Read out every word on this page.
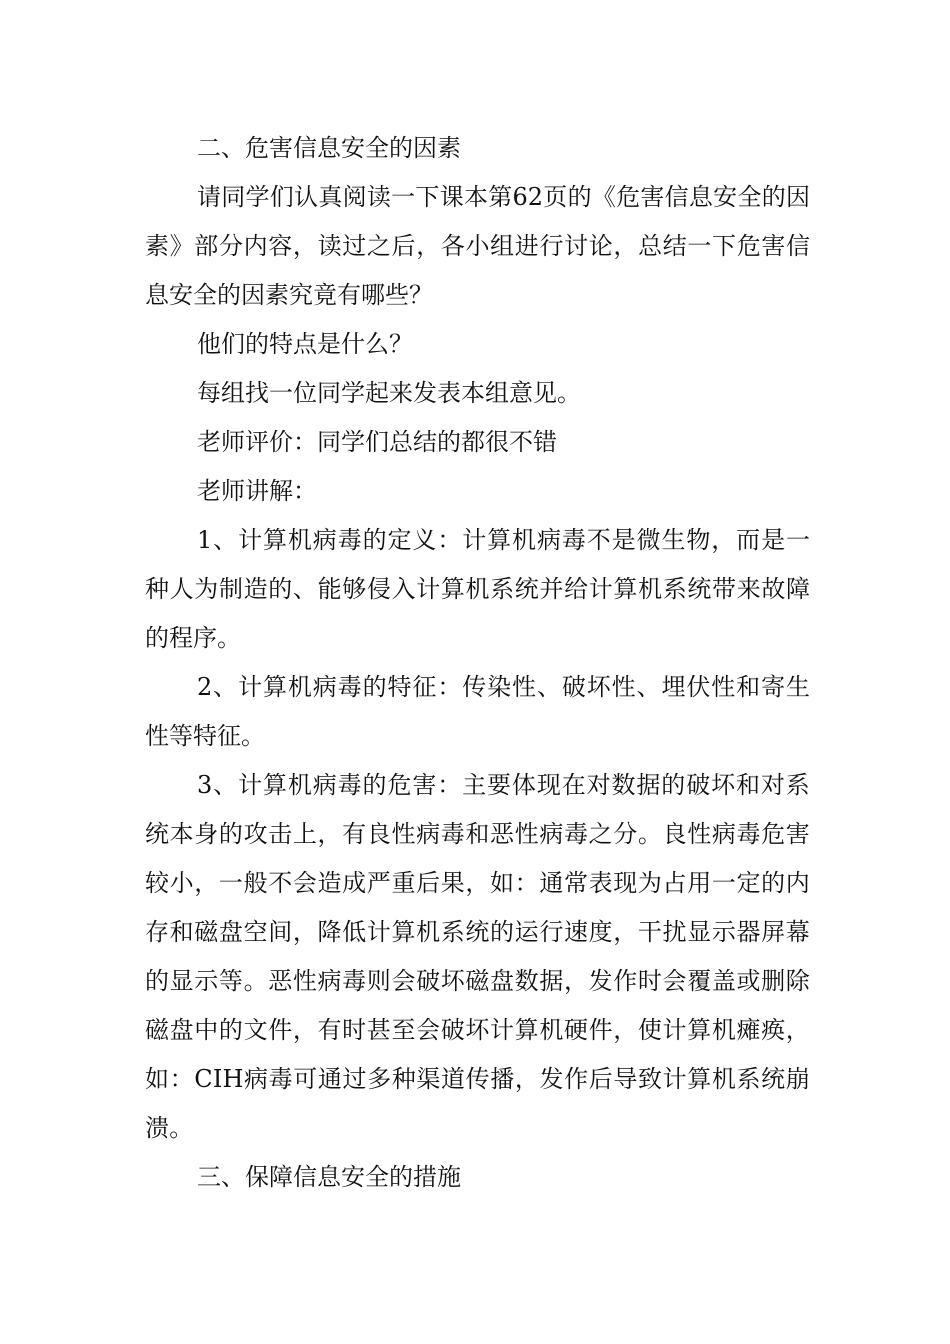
二、危害信息安全的因素

请同学们认真阅读一下课本第62页的《危害信息安全的因素》部分内容，读过之后，各小组进行讨论，总结一下危害信息安全的因素究竟有哪些？

他们的特点是什么？

每组找一位同学起来发表本组意见。

老师评价：同学们总结的都很不错

老师讲解：

1、计算机病毒的定义：计算机病毒不是微生物，而是一种人为制造的、能够侵入计算机系统并给计算机系统带来故障的程序。

2、计算机病毒的特征：传染性、破坏性、埋伏性和寄生性等特征。

3、计算机病毒的危害：主要体现在对数据的破坏和对系统本身的攻击上，有良性病毒和恶性病毒之分。良性病毒危害较小，一般不会造成严重后果，如：通常表现为占用一定的内存和磁盘空间，降低计算机系统的运行速度，干扰显示器屏幕的显示等。恶性病毒则会破坏磁盘数据，发作时会覆盖或删除磁盘中的文件，有时甚至会破坏计算机硬件，使计算机瘫痪，如：CIH病毒可通过多种渠道传播，发作后导致计算机系统崩溃。

三、保障信息安全的措施
